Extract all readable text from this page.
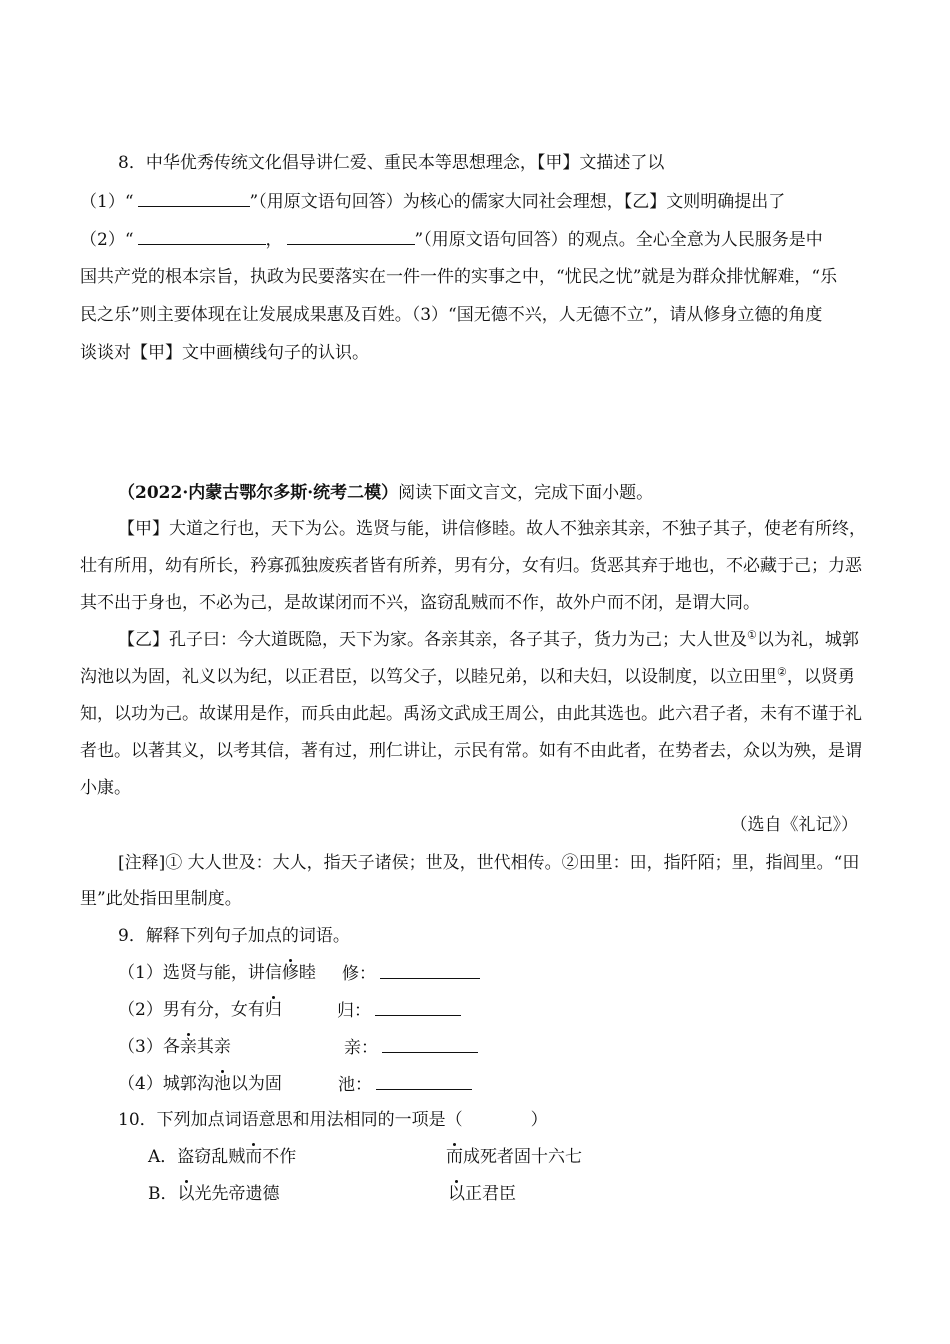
8．中华优秀传统文化倡导讲仁爱、重民本等思想理念，【甲】文描述了以
（1）“	”（用原文语句回答）为核心的儒家大同社会理想，【乙】文则明确提出了
（2）“	，	”（用原文语句回答）的观点。全心全意为人民服务是中
国共产党的根本宗旨，执政为民要落实在一件一件的实事之中，“忧民之忧”就是为群众排忧解难，“乐
民之乐”则主要体现在让发展成果惠及百姓。（3）“国无德不兴，人无德不立”，请从修身立德的角度
谈谈对【甲】文中画横线句子的认识。
（2022·内蒙古鄂尔多斯·统考二模）阅读下面文言文，完成下面小题。
【甲】大道之行也，天下为公。选贤与能，讲信修睦。故人不独亲其亲，不独子其子，使老有所终，
壮有所用，幼有所长，矜寡孤独废疾者皆有所养，男有分，女有归。货恶其弃于地也，不必藏于己；力恶
其不出于身也，不必为己，是故谋闭而不兴，盗窃乱贼而不作，故外户而不闭，是谓大同。
【乙】孔子曰：今大道既隐，天下为家。各亲其亲，各子其子，货力为己；大人世及①以为礼，城郭
沟池以为固，礼义以为纪，以正君臣，以笃父子，以睦兄弟，以和夫妇，以设制度，以立田里②，以贤勇
知，以功为己。故谋用是作，而兵由此起。禹汤文武成王周公，由此其选也。此六君子者，未有不谨于礼
者也。以著其义，以考其信，著有过，刑仁讲让，示民有常。如有不由此者，在势者去，众以为殃，是谓
小康。
（选自《礼记》）
[注释]① 大人世及：大人，指天子诸侯；世及，世代相传。②田里：田，指阡陌；里，指闾里。“田
里”此处指田里制度。
9．解释下列句子加点的词语。
（1）选贤与能，讲信修睦 修：
（2）男有分，女有归	归：
（3）各亲其亲	亲：
（4）城郭沟池以为固	池：
10．下列加点词语意思和用法相同的一项是（　　　　）
A．盗窃乱贼而不作	而成死者固十六七
B．以光先帝遗德	以正君臣
